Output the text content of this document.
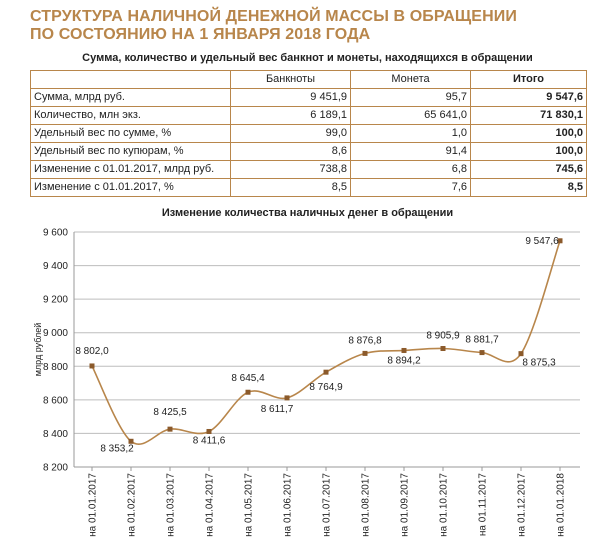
СТРУКТУРА НАЛИЧНОЙ ДЕНЕЖНОЙ МАССЫ В ОБРАЩЕНИИ
ПО СОСТОЯНИЮ НА 1 ЯНВАРЯ 2018 ГОДА
Сумма, количество и удельный вес банкнот и монеты, находящихся в обращении
	Банкноты	Монета	Итого
Сумма, млрд руб.	9 451,9	95,7	9 547,6
Количество, млн экз.	6 189,1	65 641,0	71 830,1
Удельный вес по сумме, %	99,0	1,0	100,0
Удельный вес по купюрам, %	8,6	91,4	100,0
Изменение с 01.01.2017, млрд руб.	738,8	6,8	745,6
Изменение с 01.01.2017, %	8,5	7,6	8,5
Изменение количества наличных денег в обращении
8 200
8 400
8 600
8 800
9 000
9 200
9 400
9 600
млрд рублей
на 01.01.2017	на 01.02.2017	на 01.03.2017	на 01.04.2017	на 01.05.2017	на 01.06.2017	на 01.07.2017	на 01.08.2017	на 01.09.2017	на 01.10.2017	на 01.11.2017	на 01.12.2017	на 01.01.2018
8 802,0
8 353,2
8 425,5
8 411,6
8 645,4
8 611,7
8 764,9
8 876,8
8 894,2
8 905,9 8 881,7
8 875,3
9 547,6
